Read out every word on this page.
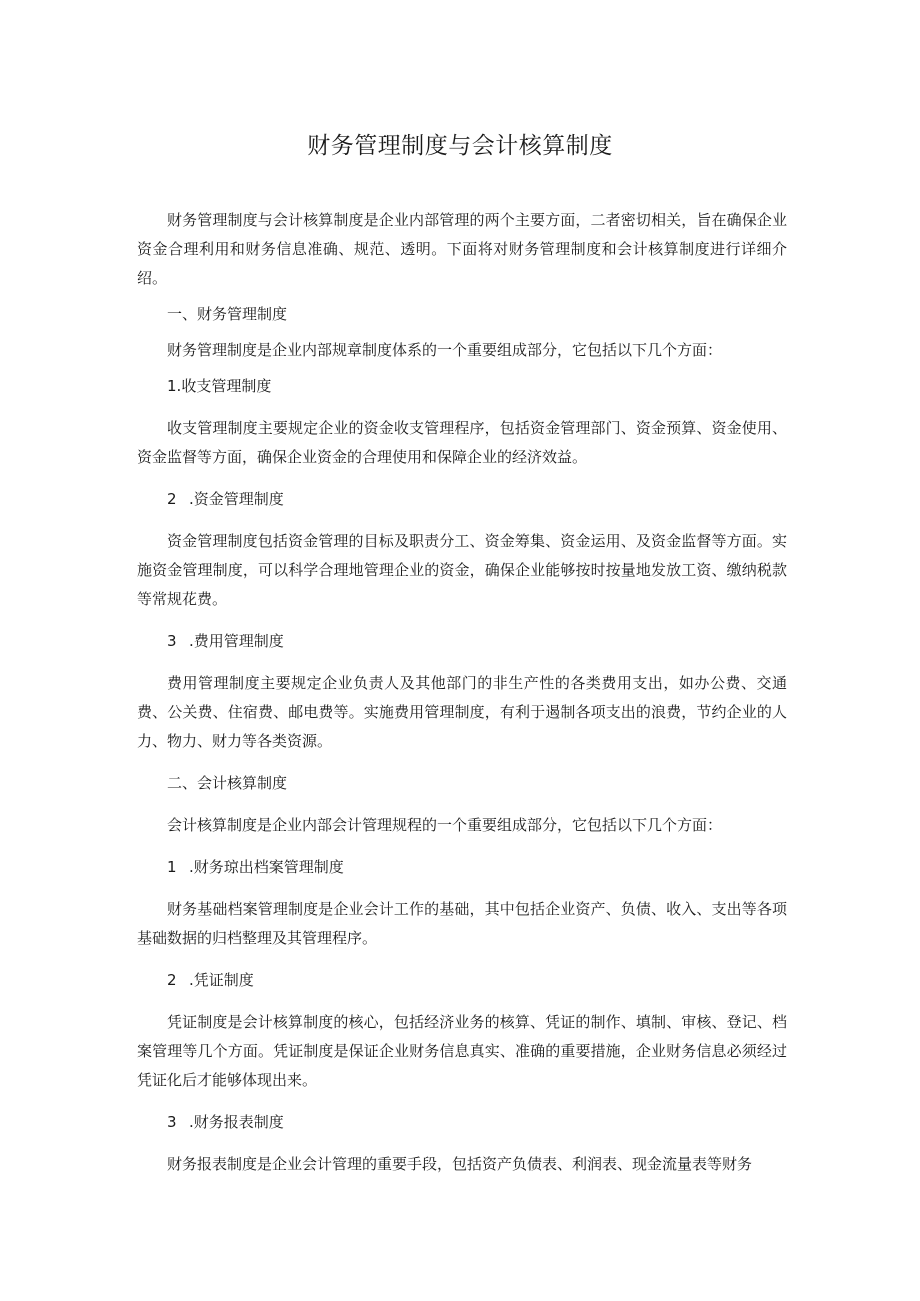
财务管理制度与会计核算制度

财务管理制度与会计核算制度是企业内部管理的两个主要方面，二者密切相关，旨在确保企业资金合理利用和财务信息准确、规范、透明。下面将对财务管理制度和会计核算制度进行详细介绍。

一、财务管理制度

财务管理制度是企业内部规章制度体系的一个重要组成部分，它包括以下几个方面：

1.收支管理制度

收支管理制度主要规定企业的资金收支管理程序，包括资金管理部门、资金预算、资金使用、资金监督等方面，确保企业资金的合理使用和保障企业的经济效益。

2 .资金管理制度

资金管理制度包括资金管理的目标及职责分工、资金筹集、资金运用、及资金监督等方面。实施资金管理制度，可以科学合理地管理企业的资金，确保企业能够按时按量地发放工资、缴纳税款等常规花费。

3 .费用管理制度

费用管理制度主要规定企业负责人及其他部门的非生产性的各类费用支出，如办公费、交通费、公关费、住宿费、邮电费等。实施费用管理制度，有利于遏制各项支出的浪费，节约企业的人力、物力、财力等各类资源。

二、会计核算制度

会计核算制度是企业内部会计管理规程的一个重要组成部分，它包括以下几个方面：

1 .财务琼出档案管理制度

财务基础档案管理制度是企业会计工作的基础，其中包括企业资产、负债、收入、支出等各项基础数据的归档整理及其管理程序。

2 .凭证制度

凭证制度是会计核算制度的核心，包括经济业务的核算、凭证的制作、填制、审核、登记、档案管理等几个方面。凭证制度是保证企业财务信息真实、准确的重要措施，企业财务信息必须经过凭证化后才能够体现出来。

3 .财务报表制度

财务报表制度是企业会计管理的重要手段，包括资产负债表、利润表、现金流量表等财务
